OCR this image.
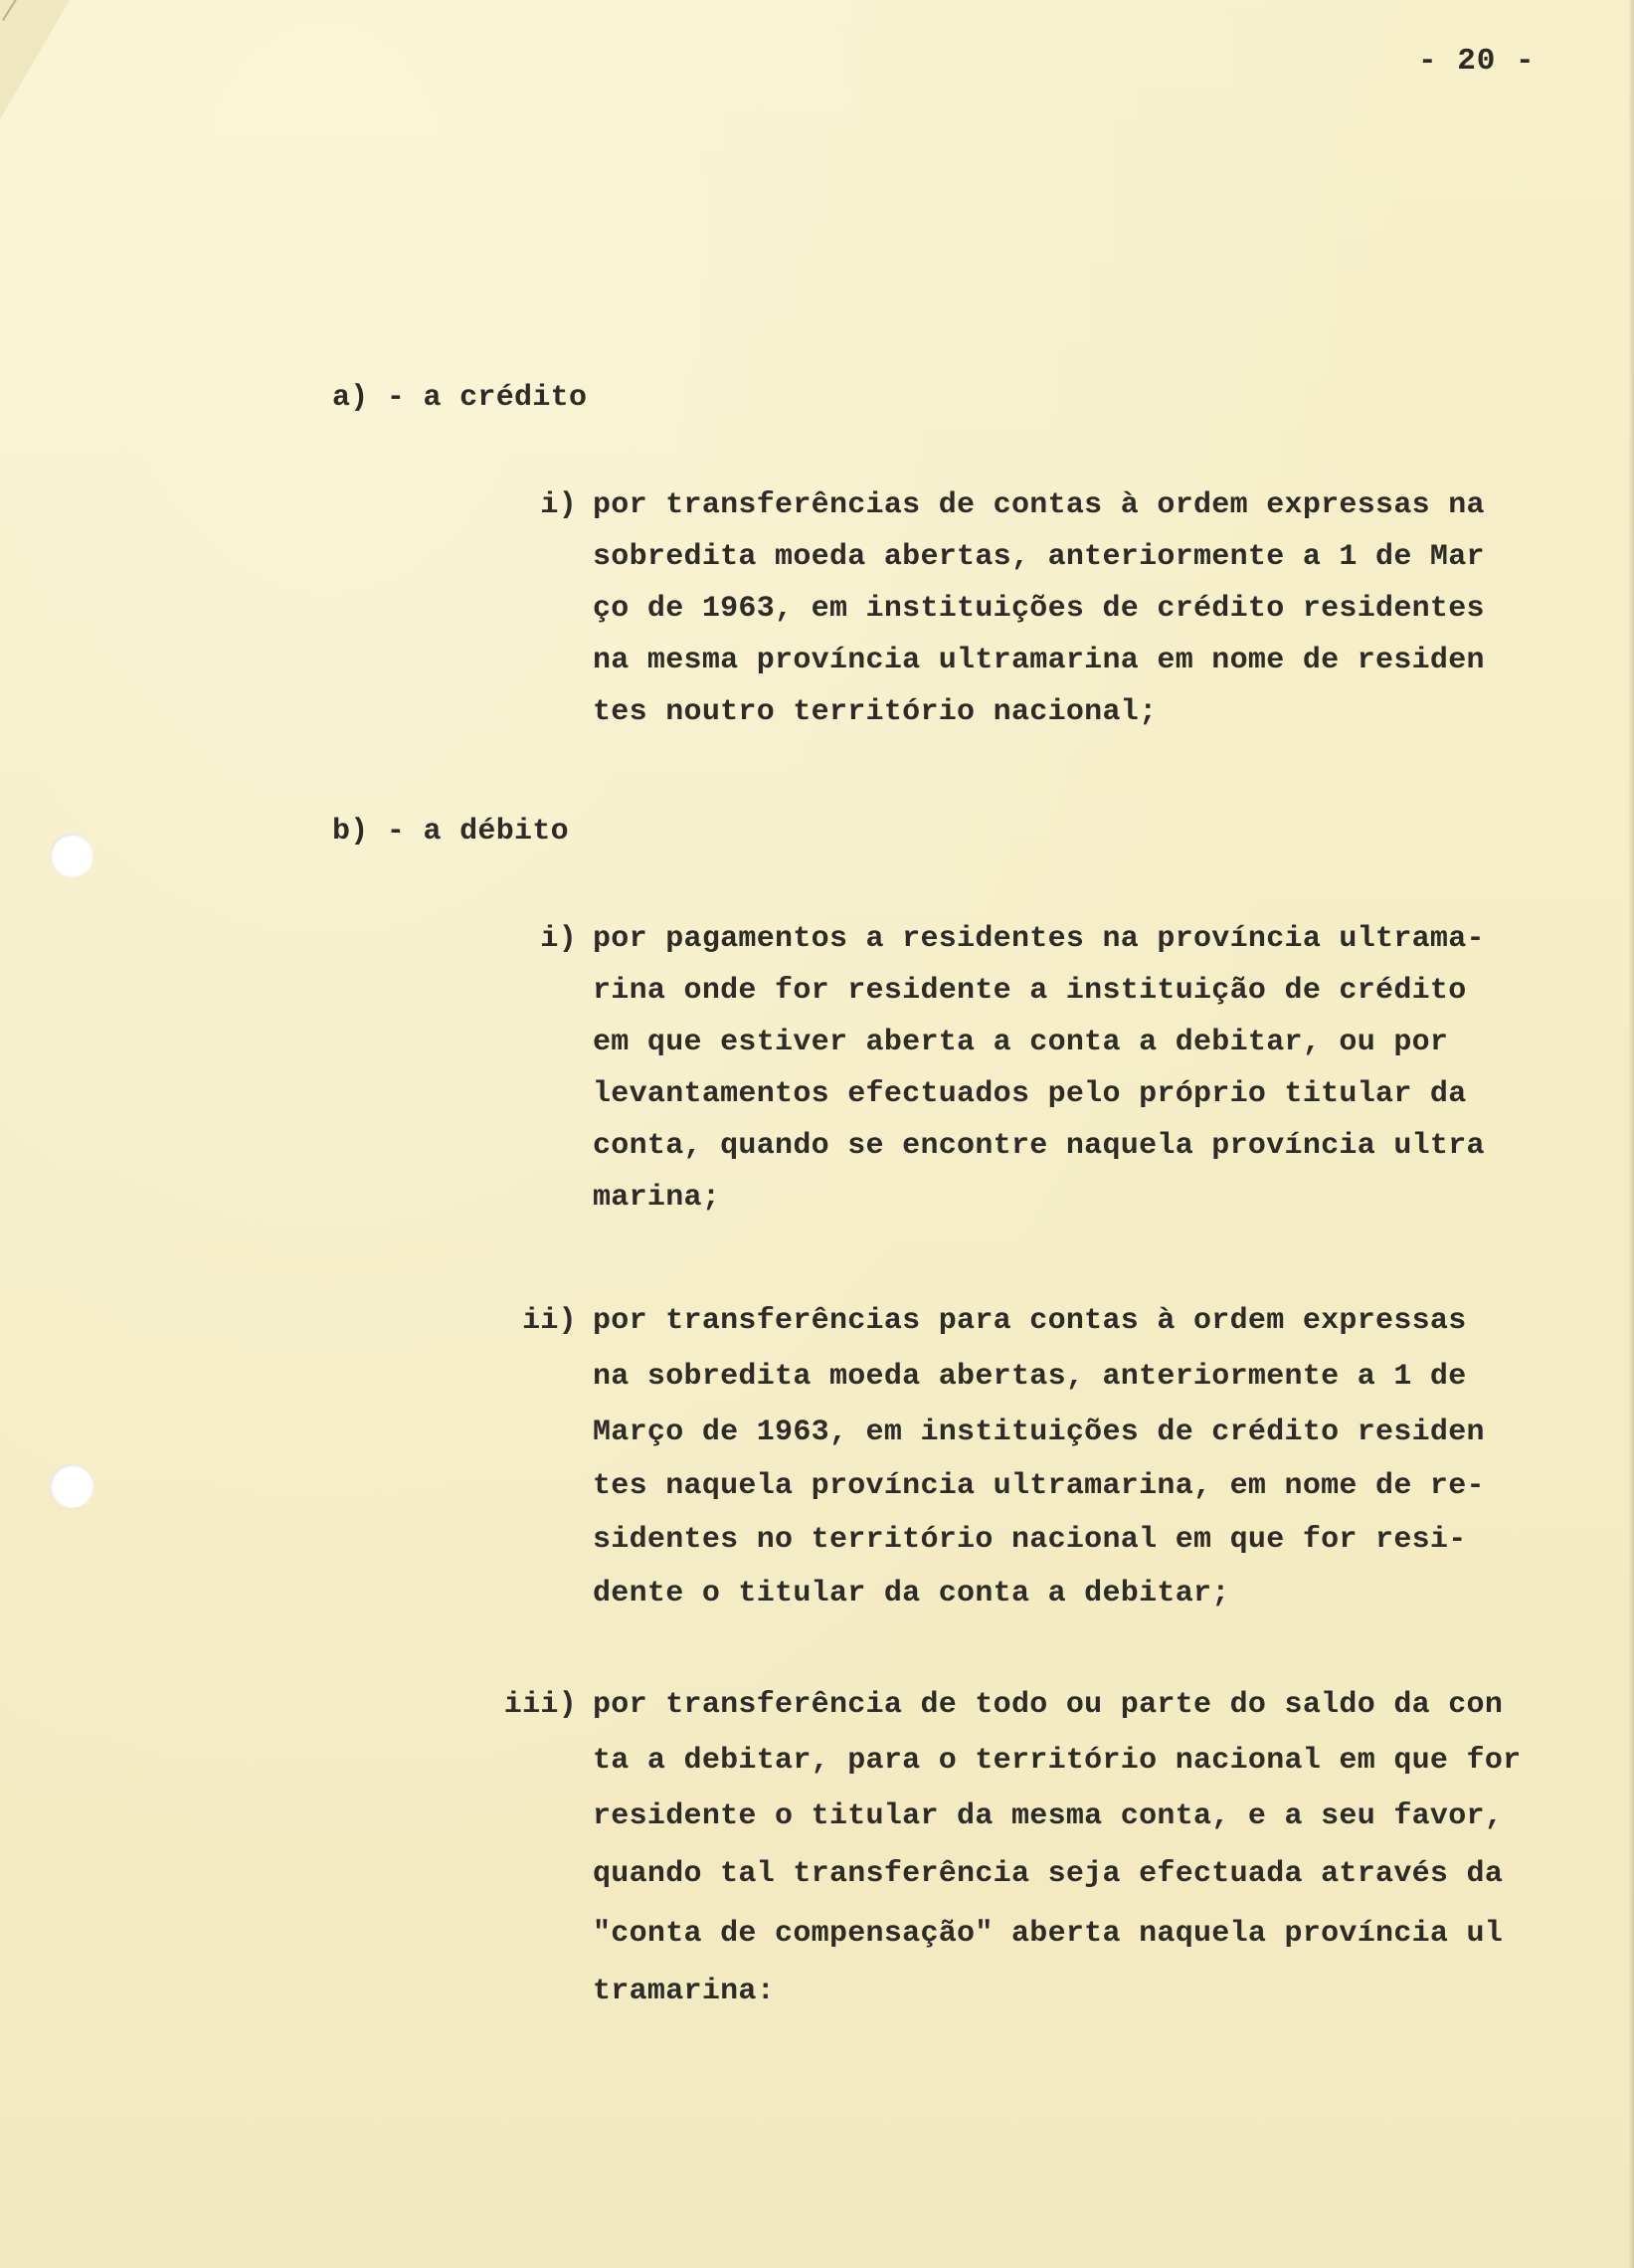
- 20 -
a) - a crédito
i) por transferências de contas à ordem expressas na
sobredita moeda abertas, anteriormente a 1 de Mar
ço de 1963, em instituições de crédito residentes
na mesma província ultramarina em nome de residen
tes noutro território nacional;
b) - a débito
i) por pagamentos a residentes na província ultrama-
rina onde for residente a instituição de crédito
em que estiver aberta a conta a debitar, ou por
levantamentos efectuados pelo próprio titular da
conta, quando se encontre naquela província ultra
marina;
ii) por transferências para contas à ordem expressas
na sobredita moeda abertas, anteriormente a 1 de
Março de 1963, em instituições de crédito residen
tes naquela província ultramarina, em nome de re-
sidentes no território nacional em que for resi-
dente o titular da conta a debitar;
iii) por transferência de todo ou parte do saldo da con
ta a debitar, para o território nacional em que for
residente o titular da mesma conta, e a seu favor,
quando tal transferência seja efectuada através da
"conta de compensação" aberta naquela província ul
tramarina:
